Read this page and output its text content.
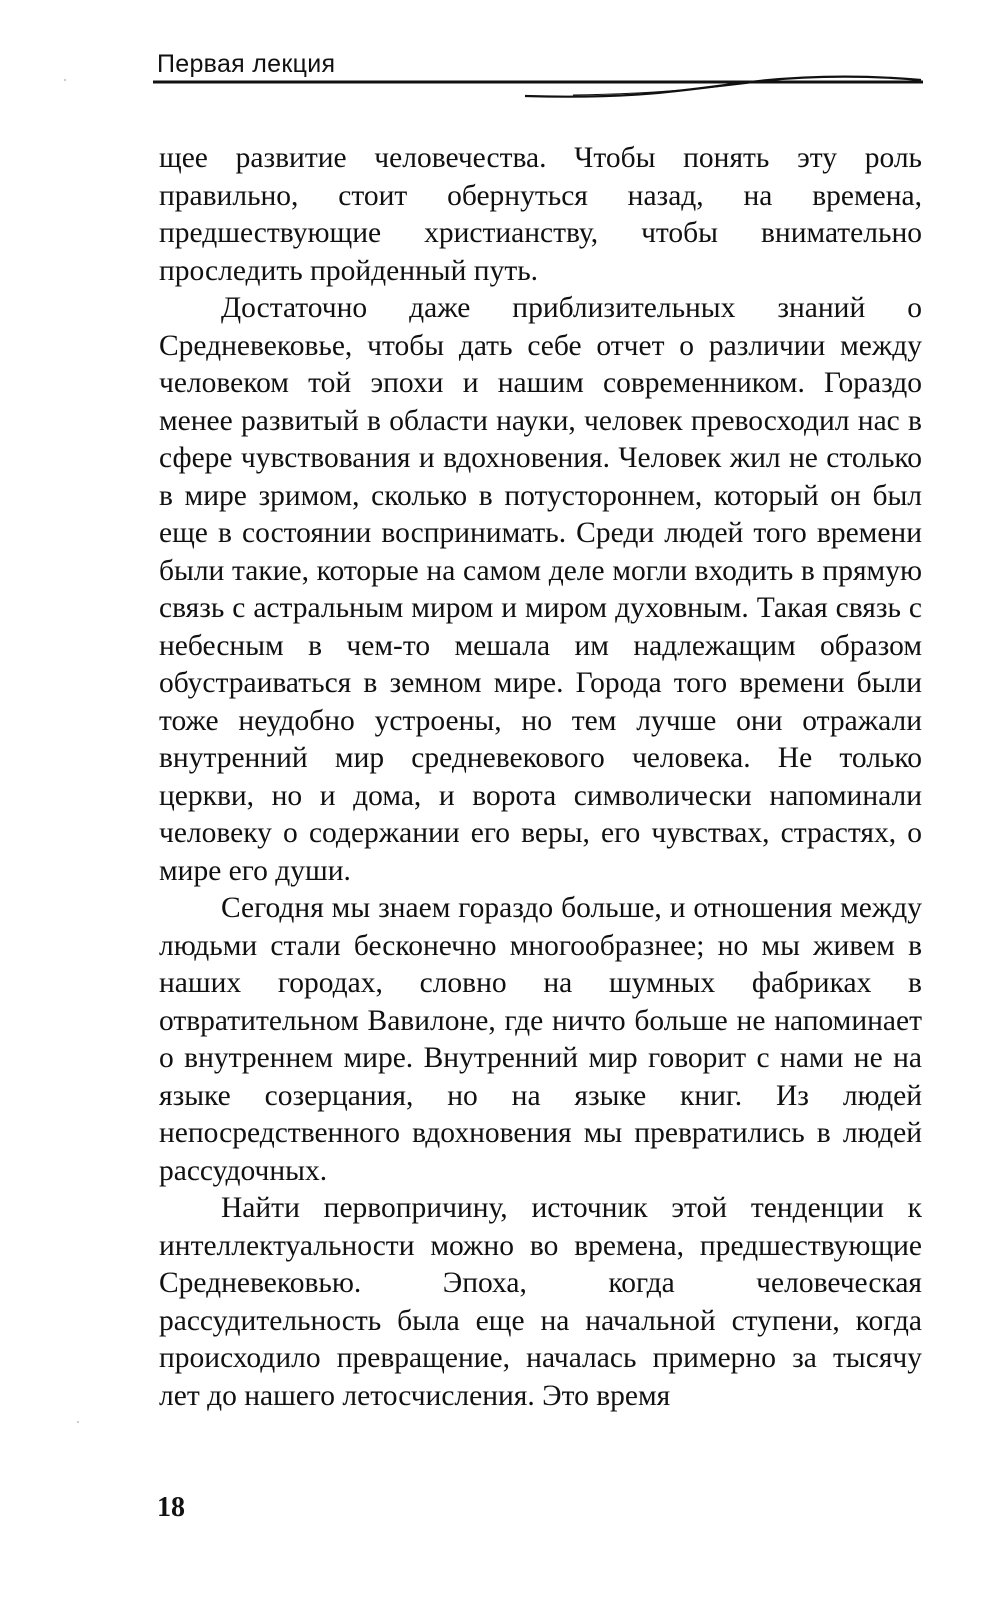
Первая лекция

щее развитие человечества. Чтобы понять эту роль правильно, стоит обернуться назад, на времена, предшествующие христианству, чтобы внимательно проследить пройденный путь.

Достаточно даже приблизительных знаний о Средневековье, чтобы дать себе отчет о различии между человеком той эпохи и нашим современником. Гораздо менее развитый в области науки, человек превосходил нас в сфере чувствования и вдохновения. Человек жил не столько в мире зримом, сколько в потустороннем, который он был еще в состоянии воспринимать. Среди людей того времени были такие, которые на самом деле могли входить в прямую связь с астральным миром и миром духовным. Такая связь с небесным в чем-то мешала им надлежащим образом обустраиваться в земном мире. Города того времени были тоже неудобно устроены, но тем лучше они отражали внутренний мир средневекового человека. Не только церкви, но и дома, и ворота символически напоминали человеку о содержании его веры, его чувствах, страстях, о мире его души.

Сегодня мы знаем гораздо больше, и отношения между людьми стали бесконечно многообразнее; но мы живем в наших городах, словно на шумных фабриках в отвратительном Вавилоне, где ничто больше не напоминает о внутреннем мире. Внутренний мир говорит с нами не на языке созерцания, но на языке книг. Из людей непосредственного вдохновения мы превратились в людей рассудочных.

Найти первопричину, источник этой тенденции к интеллектуальности можно во времена, предшествующие Средневековью. Эпоха, когда человеческая рассудительность была еще на начальной ступени, когда происходило превращение, началась примерно за тысячу лет до нашего летосчисления. Это время

18
